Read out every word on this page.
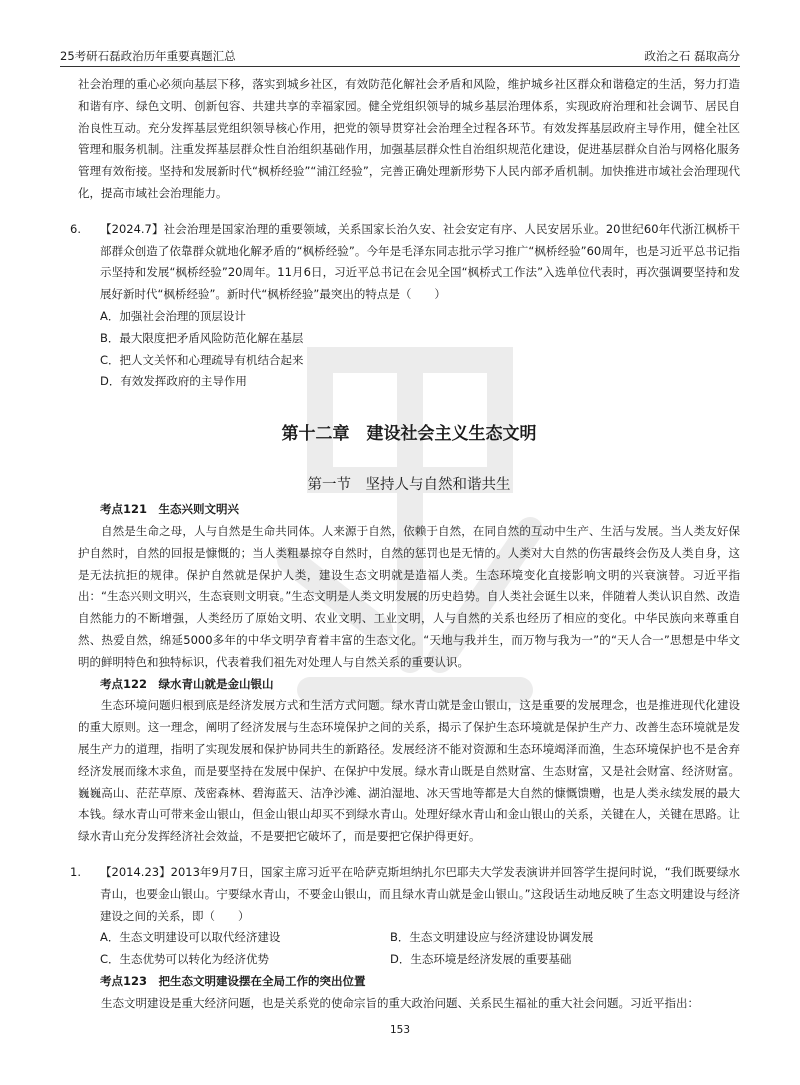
25考研石磊政治历年重要真题汇总	政治之石 磊取高分

社会治理的重心必须向基层下移，落实到城乡社区，有效防范化解社会矛盾和风险，维护城乡社区群众和谐稳定的生活，努力打造和谐有序、绿色文明、创新包容、共建共享的幸福家园。健全党组织领导的城乡基层治理体系，实现政府治理和社会调节、居民自治良性互动。充分发挥基层党组织领导核心作用，把党的领导贯穿社会治理全过程各环节。有效发挥基层政府主导作用，健全社区管理和服务机制。注重发挥基层群众性自治组织基础作用，加强基层群众性自治组织规范化建设，促进基层群众自治与网格化服务管理有效衔接。坚持和发展新时代“枫桥经验”“浦江经验”，完善正确处理新形势下人民内部矛盾机制。加快推进市域社会治理现代化，提高市域社会治理能力。

6.	【2024.7】社会治理是国家治理的重要领域，关系国家长治久安、社会安定有序、人民安居乐业。20世纪60年代浙江枫桥干部群众创造了依靠群众就地化解矛盾的“枫桥经验”。今年是毛泽东同志批示学习推广“枫桥经验”60周年，也是习近平总书记指示坚持和发展“枫桥经验”20周年。11月6日，习近平总书记在会见全国“枫桥式工作法”入选单位代表时，再次强调要坚持和发展好新时代“枫桥经验”。新时代“枫桥经验”最突出的特点是（　　）
A．加强社会治理的顶层设计
B．最大限度把矛盾风险防范化解在基层
C．把人文关怀和心理疏导有机结合起来
D．有效发挥政府的主导作用
第十二章　建设社会主义生态文明
第一节　坚持人与自然和谐共生
考点121　生态兴则文明兴

自然是生命之母，人与自然是生命共同体。人来源于自然，依赖于自然，在同自然的互动中生产、生活与发展。当人类友好保护自然时，自然的回报是慷慨的；当人类粗暴掠夺自然时，自然的惩罚也是无情的。人类对大自然的伤害最终会伤及人类自身，这是无法抗拒的规律。保护自然就是保护人类，建设生态文明就是造福人类。生态环境变化直接影响文明的兴衰演替。习近平指出：“生态兴则文明兴，生态衰则文明衰。”生态文明是人类文明发展的历史趋势。自人类社会诞生以来，伴随着人类认识自然、改造自然能力的不断增强，人类经历了原始文明、农业文明、工业文明，人与自然的关系也经历了相应的变化。中华民族向来尊重自然、热爱自然，绵延5000多年的中华文明孕育着丰富的生态文化。“天地与我并生，而万物与我为一”的“天人合一”思想是中华文明的鲜明特色和独特标识，代表着我们祖先对处理人与自然关系的重要认识。

考点122　绿水青山就是金山银山

生态环境问题归根到底是经济发展方式和生活方式问题。绿水青山就是金山银山，这是重要的发展理念，也是推进现代化建设的重大原则。这一理念，阐明了经济发展与生态环境保护之间的关系，揭示了保护生态环境就是保护生产力、改善生态环境就是发展生产力的道理，指明了实现发展和保护协同共生的新路径。发展经济不能对资源和生态环境竭泽而渔，生态环境保护也不是舍弃经济发展而缘木求鱼，而是要坚持在发展中保护、在保护中发展。绿水青山既是自然财富、生态财富，又是社会财富、经济财富。巍巍高山、茫茫草原、茂密森林、碧海蓝天、洁净沙滩、湖泊湿地、冰天雪地等都是大自然的慷慨馈赠，也是人类永续发展的最大本钱。绿水青山可带来金山银山，但金山银山却买不到绿水青山。处理好绿水青山和金山银山的关系，关键在人，关键在思路。让绿水青山充分发挥经济社会效益，不是要把它破坏了，而是要把它保护得更好。

1.	【2014.23】2013年9月7日，国家主席习近平在哈萨克斯坦纳扎尔巴耶夫大学发表演讲并回答学生提问时说，“我们既要绿水青山，也要金山银山。宁要绿水青山，不要金山银山，而且绿水青山就是金山银山。”这段话生动地反映了生态文明建设与经济建设之间的关系，即（　　）
A．生态文明建设可以取代经济建设	B．生态文明建设应与经济建设协调发展
C．生态优势可以转化为经济优势	D．生态环境是经济发展的重要基础
考点123　把生态文明建设摆在全局工作的突出位置

生态文明建设是重大经济问题，也是关系党的使命宗旨的重大政治问题、关系民生福祉的重大社会问题。习近平指出：

153
